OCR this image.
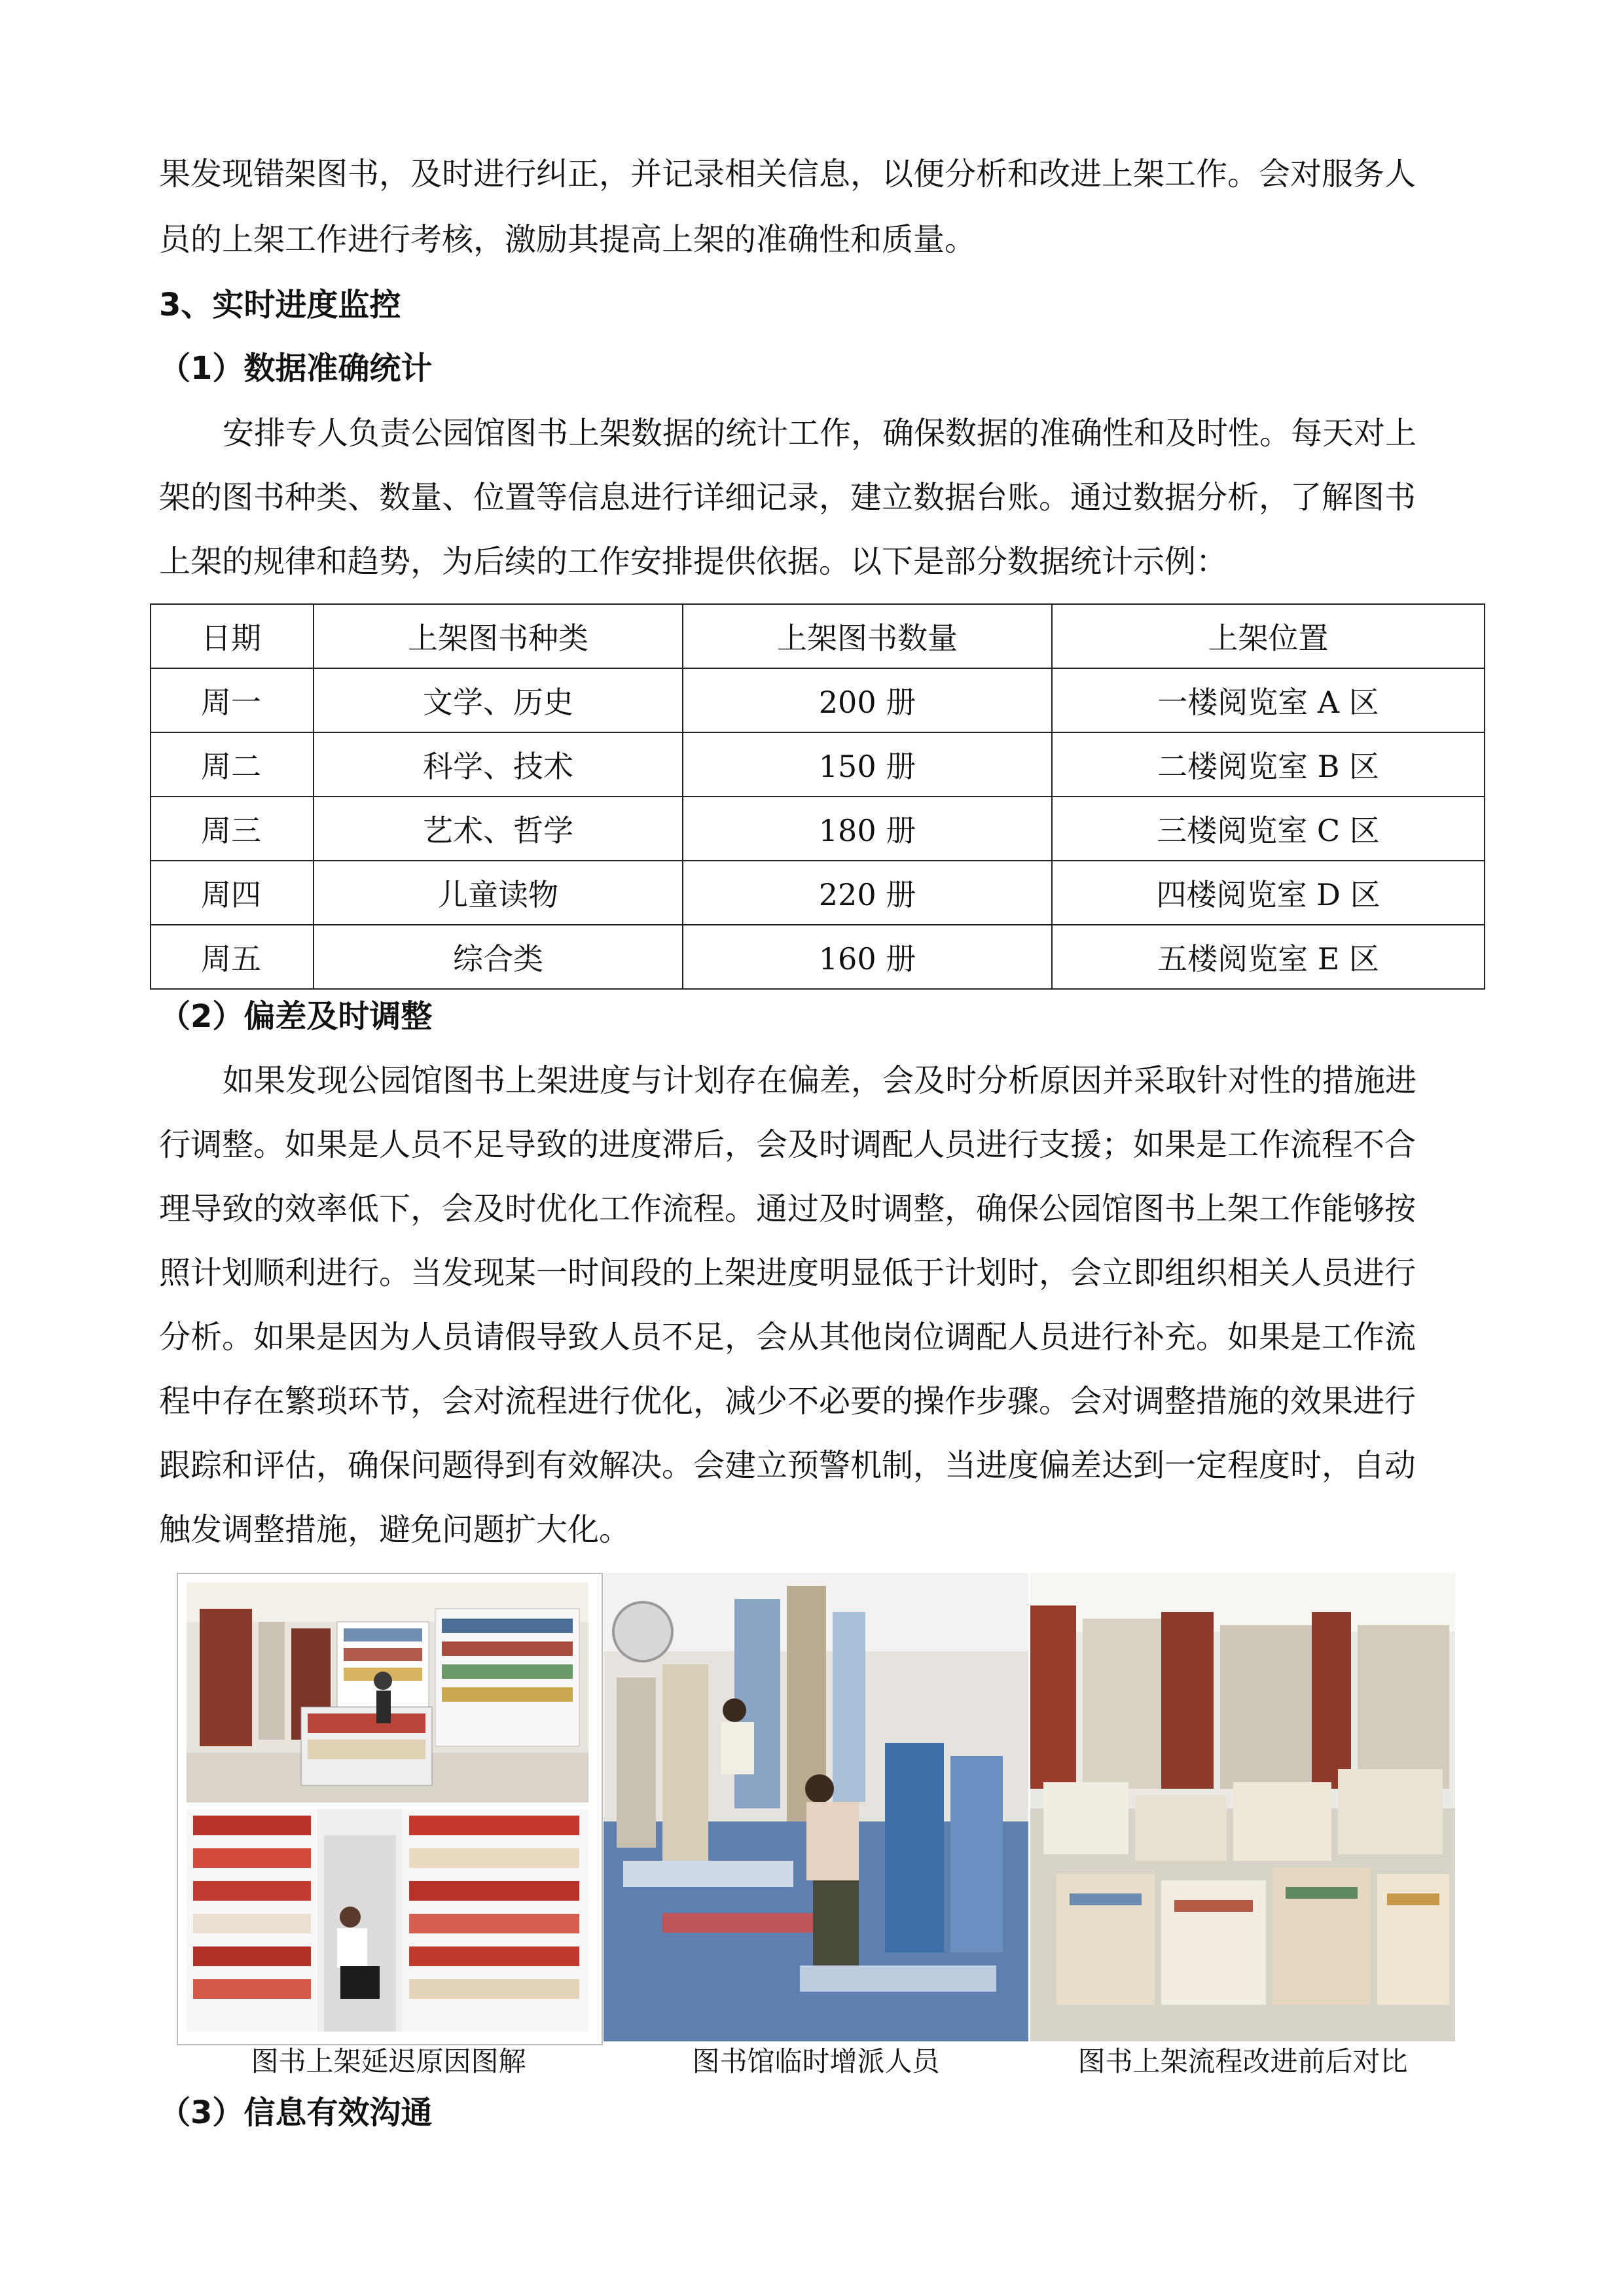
果发现错架图书，及时进行纠正，并记录相关信息，以便分析和改进上架工作。会对服务人
员的上架工作进行考核，激励其提高上架的准确性和质量。
3、实时进度监控
（1）数据准确统计
安排专人负责公园馆图书上架数据的统计工作，确保数据的准确性和及时性。每天对上
架的图书种类、数量、位置等信息进行详细记录，建立数据台账。通过数据分析，了解图书
上架的规律和趋势，为后续的工作安排提供依据。以下是部分数据统计示例：
日期	上架图书种类	上架图书数量	上架位置
周一	文学、历史	200 册	一楼阅览室 A 区
周二	科学、技术	150 册	二楼阅览室 B 区
周三	艺术、哲学	180 册	三楼阅览室 C 区
周四	儿童读物	220 册	四楼阅览室 D 区
周五	综合类	160 册	五楼阅览室 E 区
（2）偏差及时调整
如果发现公园馆图书上架进度与计划存在偏差，会及时分析原因并采取针对性的措施进
行调整。如果是人员不足导致的进度滞后，会及时调配人员进行支援；如果是工作流程不合
理导致的效率低下，会及时优化工作流程。通过及时调整，确保公园馆图书上架工作能够按
照计划顺利进行。当发现某一时间段的上架进度明显低于计划时，会立即组织相关人员进行
分析。如果是因为人员请假导致人员不足，会从其他岗位调配人员进行补充。如果是工作流
程中存在繁琐环节，会对流程进行优化，减少不必要的操作步骤。会对调整措施的效果进行
跟踪和评估，确保问题得到有效解决。会建立预警机制，当进度偏差达到一定程度时，自动
触发调整措施，避免问题扩大化。
图书上架延迟原因图解	图书馆临时增派人员	图书上架流程改进前后对比
（3）信息有效沟通
